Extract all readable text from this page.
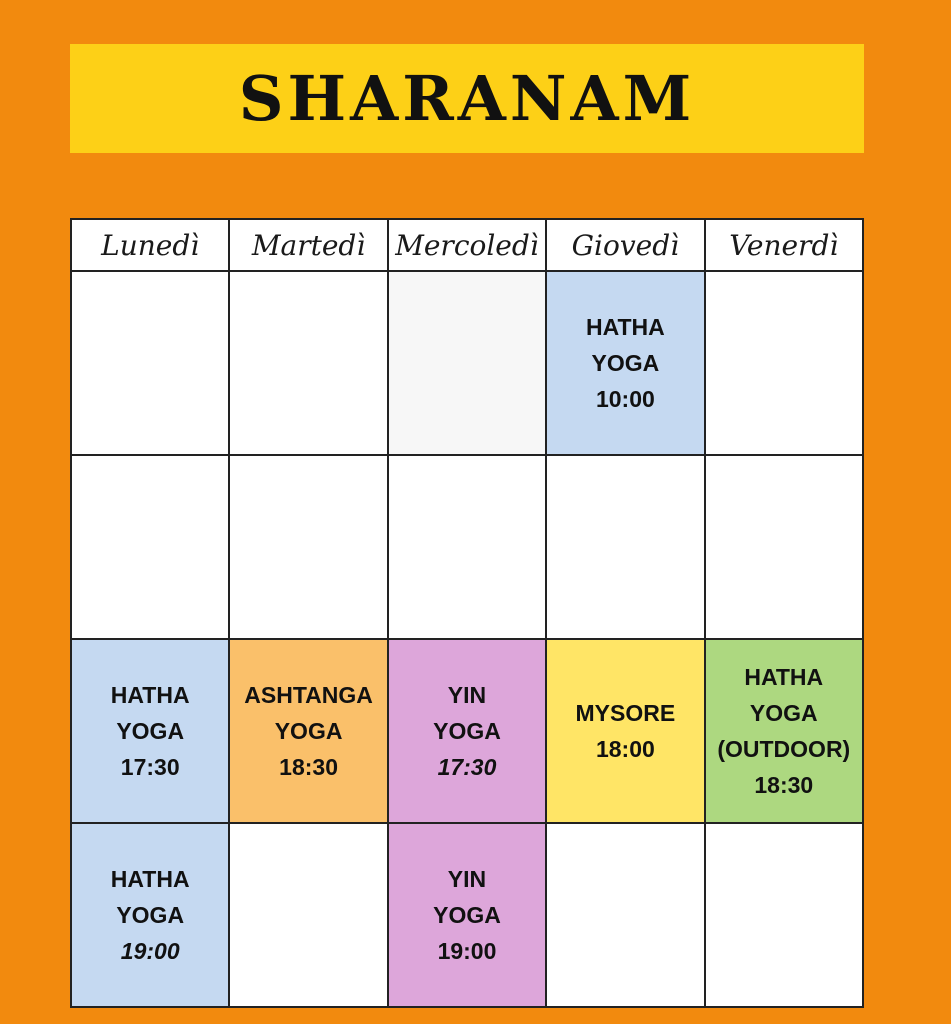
SHARANAM
Lunedì	Martedì	Mercoledì	Giovedì	Venerdì

			HATHA
YOGA
10:00	

HATHA
YOGA
17:30	ASHTANGA
YOGA
18:30	YIN
YOGA
17:30	MYSORE
18:00	HATHA
YOGA
(OUTDOOR)
18:30

HATHA
YOGA
19:00		YIN
YOGA
19:00		
